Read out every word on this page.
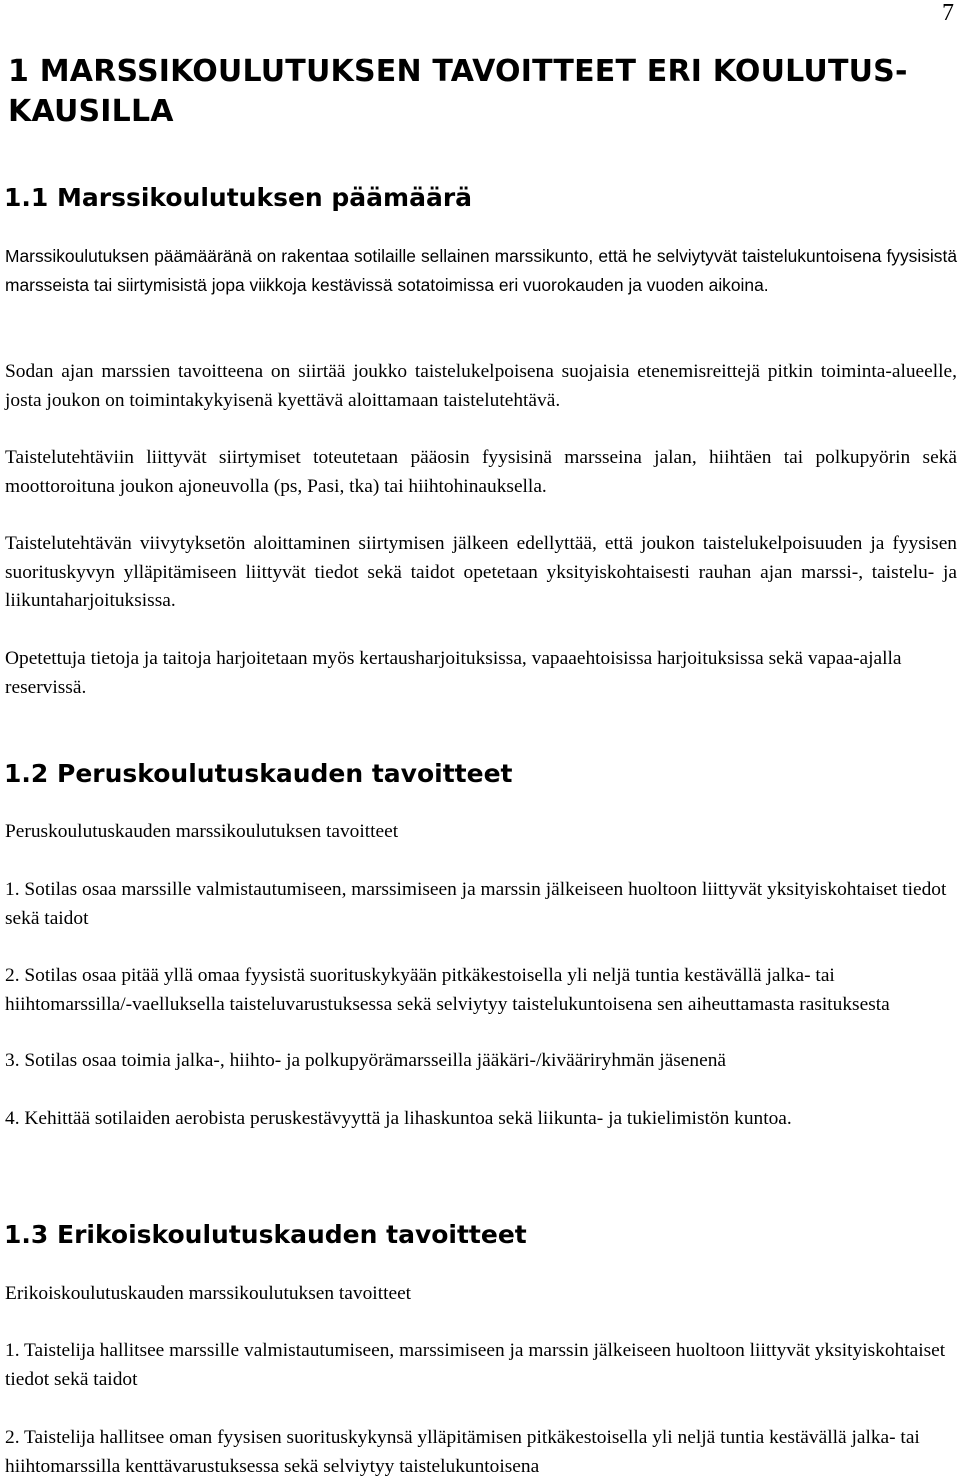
7
1 MARSSIKOULUTUKSEN TAVOITTEET ERI KOULUTUS-
KAUSILLA
1.1 Marssikoulutuksen päämäärä

Marssikoulutuksen päämääränä on rakentaa sotilaille sellainen marssikunto, että he selviytyvät taistelukuntoisena fyysisistä marsseista tai siirtymisistä jopa viikkoja kestävissä sotatoimissa eri vuorokauden ja vuoden aikoina.

Sodan ajan marssien tavoitteena on siirtää joukko taistelukelpoisena suojaisia etenemisreittejä pitkin toiminta-alueelle, josta joukon on toimintakykyisenä kyettävä aloittamaan taistelutehtävä.

Taistelutehtäviin liittyvät siirtymiset toteutetaan pääosin fyysisinä marsseina jalan, hiihtäen tai polkupyörin sekä moottoroituna joukon ajoneuvolla (ps, Pasi, tka) tai hiihtohinauksella.

Taistelutehtävän viivytyksetön aloittaminen siirtymisen jälkeen edellyttää, että joukon taistelukelpoisuuden ja fyysisen suorituskyvyn ylläpitämiseen liittyvät tiedot sekä taidot opetetaan yksityiskohtaisesti rauhan ajan marssi-, taistelu- ja liikuntaharjoituksissa.

Opetettuja tietoja ja taitoja harjoitetaan myös kertausharjoituksissa, vapaaehtoisissa harjoituksissa sekä vapaa-ajalla reservissä.

1.2 Peruskoulutuskauden tavoitteet

Peruskoulutuskauden marssikoulutuksen tavoitteet

1. Sotilas osaa marssille valmistautumiseen, marssimiseen ja marssin jälkeiseen huoltoon liittyvät yksityiskohtaiset tiedot sekä taidot

2. Sotilas osaa pitää yllä omaa fyysistä suorituskykyään pitkäkestoisella yli neljä tuntia kestävällä jalka- tai hiihtomarssilla/-vaelluksella taisteluvarustuksessa sekä selviytyy taistelukuntoisena sen aiheuttamasta rasituksesta

3. Sotilas osaa toimia jalka-, hiihto- ja polkupyörämarsseilla jääkäri-/kivääriryhmän jäsenenä

4. Kehittää sotilaiden aerobista peruskestävyyttä ja lihaskuntoa sekä liikunta- ja tukielimistön kuntoa.

1.3 Erikoiskoulutuskauden tavoitteet

Erikoiskoulutuskauden marssikoulutuksen tavoitteet

1. Taistelija hallitsee marssille valmistautumiseen, marssimiseen ja marssin jälkeiseen huoltoon liittyvät yksityiskohtaiset tiedot sekä taidot

2. Taistelija hallitsee oman fyysisen suorituskykynsä ylläpitämisen pitkäkestoisella yli neljä tuntia kestävällä jalka- tai hiihtomarssilla kenttävarustuksessa sekä selviytyy taistelukuntoisena
